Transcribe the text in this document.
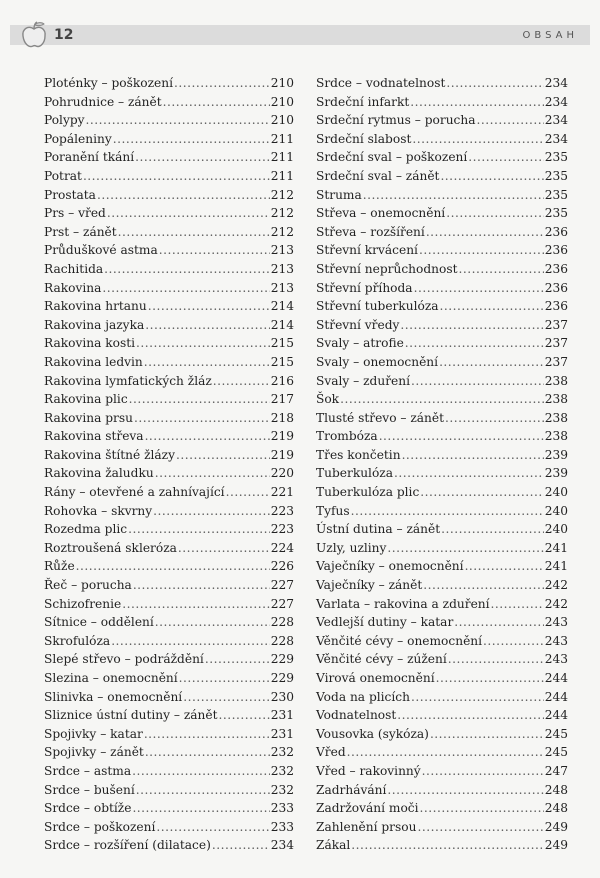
12	OBSAH
Ploténky – poškození .....	210
Pohrudnice – zánět .....	210
Polypy .....	210
Popáleniny .....	211
Poranění tkání .....	211
Potrat .....	211
Prostata .....	212
Prs – vřed .....	212
Prst – zánět .....	212
Průduškové astma .....	213
Rachitida .....	213
Rakovina .....	213
Rakovina hrtanu .....	214
Rakovina jazyka .....	214
Rakovina kosti .....	215
Rakovina ledvin .....	215
Rakovina lymfatických žláz .....	216
Rakovina plic .....	217
Rakovina prsu .....	218
Rakovina střeva .....	219
Rakovina štítné žlázy .....	219
Rakovina žaludku .....	220
Rány – otevřené a zahnívající .....	221
Rohovka – skvrny .....	223
Rozedma plic .....	223
Roztroušená skleróza .....	224
Růže .....	226
Řeč – porucha .....	227
Schizofrenie .....	227
Sítnice – oddělení .....	228
Skrofulóza .....	228
Slepé střevo – podráždění .....	229
Slezina – onemocnění .....	229
Slinivka – onemocnění .....	230
Sliznice ústní dutiny – zánět .....	231
Spojivky – katar .....	231
Spojivky – zánět .....	232
Srdce – astma .....	232
Srdce – bušení .....	232
Srdce – obtíže .....	233
Srdce – poškození .....	233
Srdce – rozšíření (dilatace) .....	234
Srdce – vodnatelnost .....	234
Srdeční infarkt .....	234
Srdeční rytmus – porucha .....	234
Srdeční slabost .....	234
Srdeční sval – poškození .....	235
Srdeční sval – zánět .....	235
Struma .....	235
Střeva – onemocnění .....	235
Střeva – rozšíření .....	236
Střevní krvácení .....	236
Střevní neprůchodnost .....	236
Střevní příhoda .....	236
Střevní tuberkulóza .....	236
Střevní vředy .....	237
Svaly – atrofie .....	237
Svaly – onemocnění .....	237
Svaly – zduření .....	238
Šok .....	238
Tlusté střevo – zánět .....	238
Trombóza .....	238
Třes končetin .....	239
Tuberkulóza .....	239
Tuberkulóza plic .....	240
Tyfus .....	240
Ústní dutina – zánět .....	240
Uzly, uzliny .....	241
Vaječníky – onemocnění .....	241
Vaječníky – zánět .....	242
Varlata – rakovina a zduření .....	242
Vedlejší dutiny – katar .....	243
Věnčité cévy – onemocnění .....	243
Věnčité cévy – zúžení .....	243
Virová onemocnění .....	244
Voda na plicích .....	244
Vodnatelnost .....	244
Vousovka (sykóza) .....	245
Vřed .....	245
Vřed – rakovinný .....	247
Zadrhávání .....	248
Zadržování moči .....	248
Zahlenění prsou .....	249
Zákal .....	249
